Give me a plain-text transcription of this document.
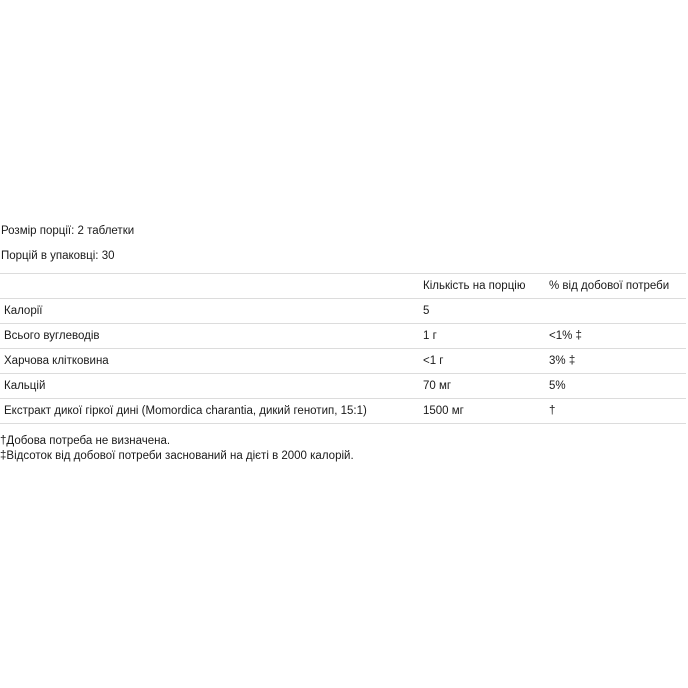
Розмір порції: 2 таблетки
Порцій в упаковці: 30
	Кількість на порцію	% від добової потреби
Калорії	5	
Всього вуглеводів	1 г	<1% ‡
Харчова клітковина	<1 г	3% ‡
Кальцій	70 мг	5%
Екстракт дикої гіркої дині (Momordica charantia, дикий генотип, 15:1)	1500 мг	†
†Добова потреба не визначена.
‡Відсоток від добової потреби заснований на дієті в 2000 калорій.
